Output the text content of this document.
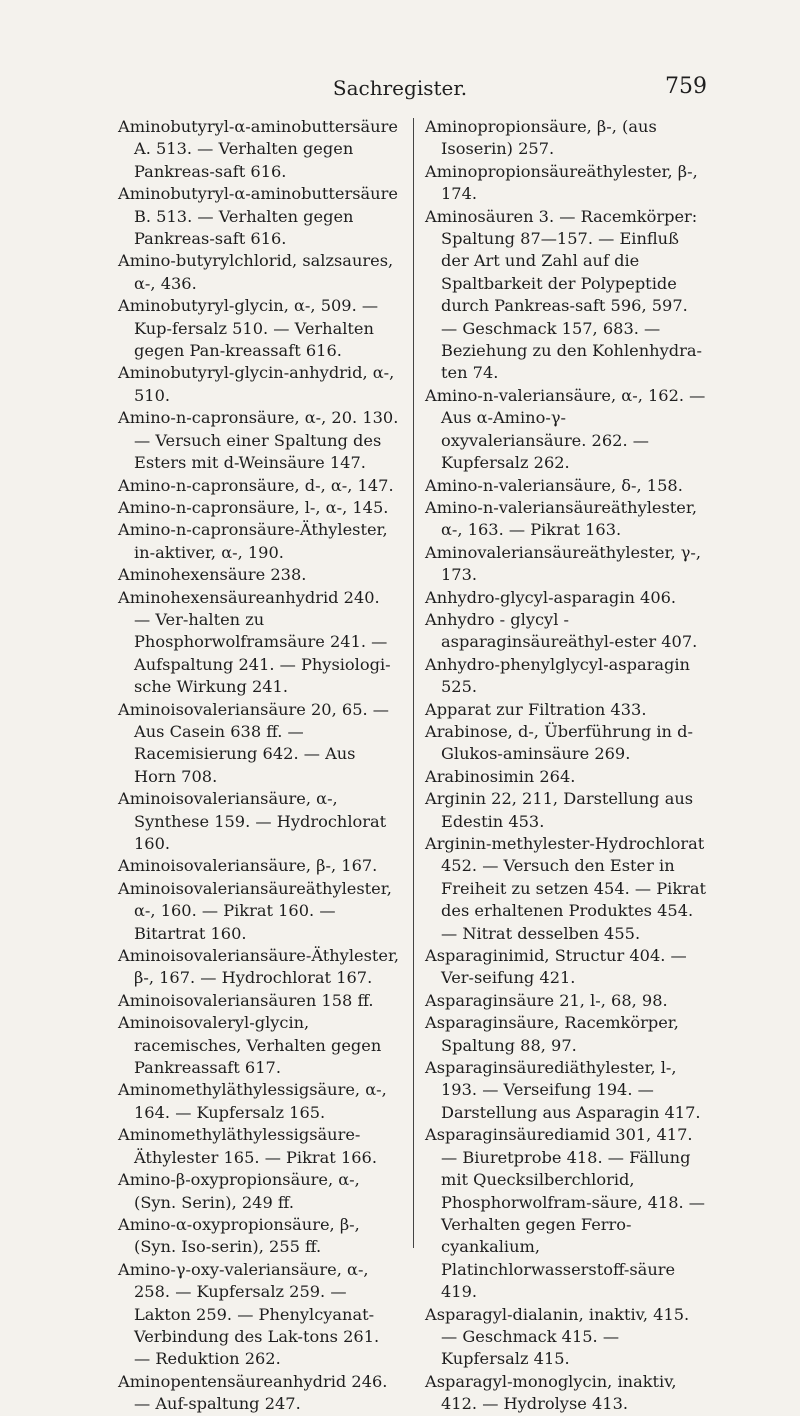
Sachregister.	759
Aminobutyryl-α-aminobuttersäure A. 513. — Verhalten gegen Pankreas-saft 616.
Aminobutyryl-α-aminobuttersäure B. 513. — Verhalten gegen Pankreas-saft 616.
Amino-butyrylchlorid, salzsaures, α-, 436.
Aminobutyryl-glycin, α-, 509. — Kup-fersalz 510. — Verhalten gegen Pan-kreassaft 616.
Aminobutyryl-glycin-anhydrid, α-, 510.
Amino-n-capronsäure, α-, 20. 130. — Versuch einer Spaltung des Esters mit d-Weinsäure 147.
Amino-n-capronsäure, d-, α-, 147.
Amino-n-capronsäure, l-, α-, 145.
Amino-n-capronsäure-Äthylester, in-aktiver, α-, 190.
Aminohexensäure 238.
Aminohexensäureanhydrid 240. — Ver-halten zu Phosphorwolframsäure 241. — Aufspaltung 241. — Physiologi-sche Wirkung 241.
Aminoisovaleriansäure 20, 65. — Aus Casein 638 ff. — Racemisierung 642. — Aus Horn 708.
Aminoisovaleriansäure, α-, Synthese 159. — Hydrochlorat 160.
Aminoisovaleriansäure, β-, 167.
Aminoisovaleriansäureäthylester, α-, 160. — Pikrat 160. — Bitartrat 160.
Aminoisovaleriansäure-Äthylester, β-, 167. — Hydrochlorat 167.
Aminoisovaleriansäuren 158 ff.
Aminoisovaleryl-glycin, racemisches, Verhalten gegen Pankreassaft 617.
Aminomethyläthylessigsäure, α-, 164. — Kupfersalz 165.
Aminomethyläthylessigsäure-Äthylester 165. — Pikrat 166.
Amino-β-oxypropionsäure, α-, (Syn. Serin), 249 ff.
Amino-α-oxypropionsäure, β-, (Syn. Iso-serin), 255 ff.
Amino-γ-oxy-valeriansäure, α-, 258. — Kupfersalz 259. — Lakton 259. — Phenylcyanat-Verbindung des Lak-tons 261. — Reduktion 262.
Aminopentensäureanhydrid 246. — Auf-spaltung 247.
Aminopropionsäure, β-, (aus Isoserin) 257.
Aminopropionsäureäthylester, β-, 174.
Aminosäuren 3. — Racemkörper: Spaltung 87—157. — Einfluß der Art und Zahl auf die Spaltbarkeit der Polypeptide durch Pankreas-saft 596, 597. — Geschmack 157, 683. — Beziehung zu den Kohlenhydra-ten 74.
Amino-n-valeriansäure, α-, 162. — Aus α-Amino-γ-oxyvaleriansäure. 262. — Kupfersalz 262.
Amino-n-valeriansäure, δ-, 158.
Amino-n-valeriansäureäthylester, α-, 163. — Pikrat 163.
Aminovaleriansäureäthylester, γ-, 173.
Anhydro-glycyl-asparagin 406.
Anhydro - glycyl - asparaginsäureäthyl-ester 407.
Anhydro-phenylglycyl-asparagin 525.
Apparat zur Filtration 433.
Arabinose, d-, Überführung in d-Glukos-aminsäure 269.
Arabinosimin 264.
Arginin 22, 211, Darstellung aus Edestin 453.
Arginin-methylester-Hydrochlorat 452. — Versuch den Ester in Freiheit zu setzen 454. — Pikrat des erhaltenen Produktes 454. — Nitrat desselben 455.
Asparaginimid, Structur 404. — Ver-seifung 421.
Asparaginsäure 21, l-, 68, 98.
Asparaginsäure, Racemkörper, Spaltung 88, 97.
Asparaginsäurediäthylester, l-, 193. — Verseifung 194. — Darstellung aus Asparagin 417.
Asparaginsäurediamid 301, 417. — Biuretprobe 418. — Fällung mit Quecksilberchlorid, Phosphorwolfram-säure, 418. — Verhalten gegen Ferro-cyankalium, Platinchlorwasserstoff-säure 419.
Asparagyl-dialanin, inaktiv, 415. — Geschmack 415. — Kupfersalz 415.
Asparagyl-monoglycin, inaktiv, 412. — Hydrolyse 413.
